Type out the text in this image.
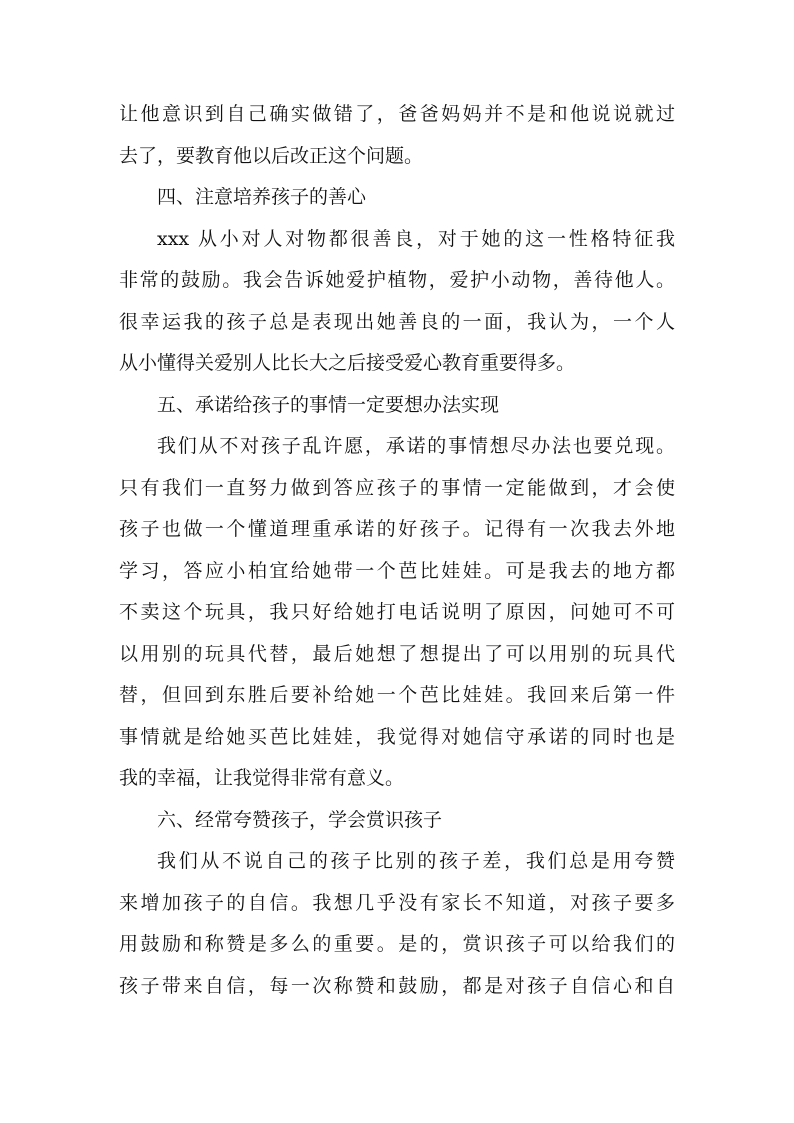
让他意识到自己确实做错了，爸爸妈妈并不是和他说说就过
去了，要教育他以后改正这个问题。
四、注意培养孩子的善心
xxx 从小对人对物都很善良，对于她的这一性格特征我
非常的鼓励。我会告诉她爱护植物，爱护小动物，善待他人。
很幸运我的孩子总是表现出她善良的一面，我认为，一个人
从小懂得关爱别人比长大之后接受爱心教育重要得多。
五、承诺给孩子的事情一定要想办法实现
我们从不对孩子乱许愿，承诺的事情想尽办法也要兑现。
只有我们一直努力做到答应孩子的事情一定能做到，才会使
孩子也做一个懂道理重承诺的好孩子。记得有一次我去外地
学习，答应小柏宜给她带一个芭比娃娃。可是我去的地方都
不卖这个玩具，我只好给她打电话说明了原因，问她可不可
以用别的玩具代替，最后她想了想提出了可以用别的玩具代
替，但回到东胜后要补给她一个芭比娃娃。我回来后第一件
事情就是给她买芭比娃娃，我觉得对她信守承诺的同时也是
我的幸福，让我觉得非常有意义。
六、经常夸赞孩子，学会赏识孩子
我们从不说自己的孩子比别的孩子差，我们总是用夸赞
来增加孩子的自信。我想几乎没有家长不知道，对孩子要多
用鼓励和称赞是多么的重要。是的，赏识孩子可以给我们的
孩子带来自信，每一次称赞和鼓励，都是对孩子自信心和自
